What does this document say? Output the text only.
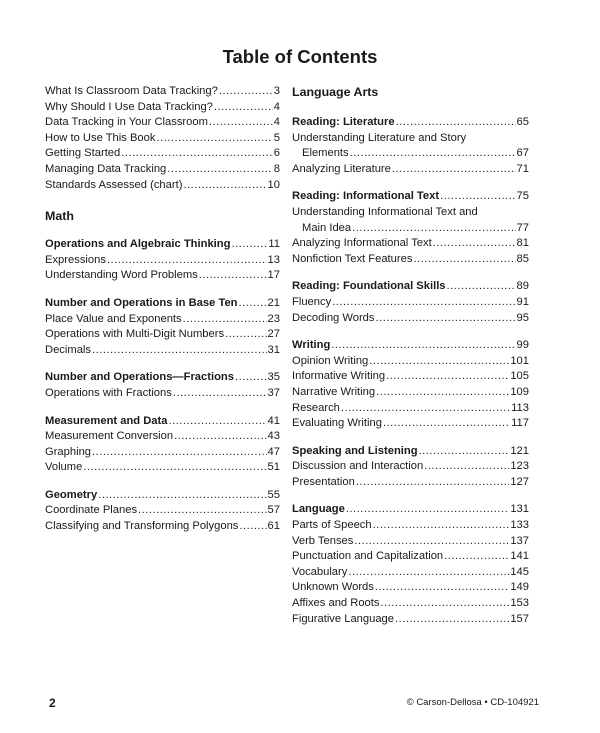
Table of Contents
What Is Classroom Data Tracking? .....	3
Why Should I Use Data Tracking? .....	4
Data Tracking in Your Classroom .....	4
How to Use This Book .....	5
Getting Started .....	6
Managing Data Tracking .....	8
Standards Assessed (chart) .....	10
Math
Operations and Algebraic Thinking .....	11
Expressions .....	13
Understanding Word Problems .....	17
Number and Operations in Base Ten .....	21
Place Value and Exponents .....	23
Operations with Multi-Digit Numbers .....	27
Decimals .....	31
Number and Operations—Fractions .....	35
Operations with Fractions .....	37
Measurement and Data .....	41
Measurement Conversion .....	43
Graphing .....	47
Volume .....	51
Geometry .....	55
Coordinate Planes .....	57
Classifying and Transforming Polygons .....	61
Language Arts
Reading: Literature .....	65
Understanding Literature and Story
Elements .....	67
Analyzing Literature .....	71
Reading: Informational Text .....	75
Understanding Informational Text and
Main Idea .....	77
Analyzing Informational Text .....	81
Nonfiction Text Features .....	85
Reading: Foundational Skills .....	89
Fluency .....	91
Decoding Words .....	95
Writing .....	99
Opinion Writing .....	101
Informative Writing .....	105
Narrative Writing .....	109
Research .....	113
Evaluating Writing .....	117
Speaking and Listening .....	121
Discussion and Interaction .....	123
Presentation .....	127
Language .....	131
Parts of Speech .....	133
Verb Tenses .....	137
Punctuation and Capitalization .....	141
Vocabulary .....	145
Unknown Words .....	149
Affixes and Roots .....	153
Figurative Language .....	157
2	© Carson-Dellosa • CD-104921
